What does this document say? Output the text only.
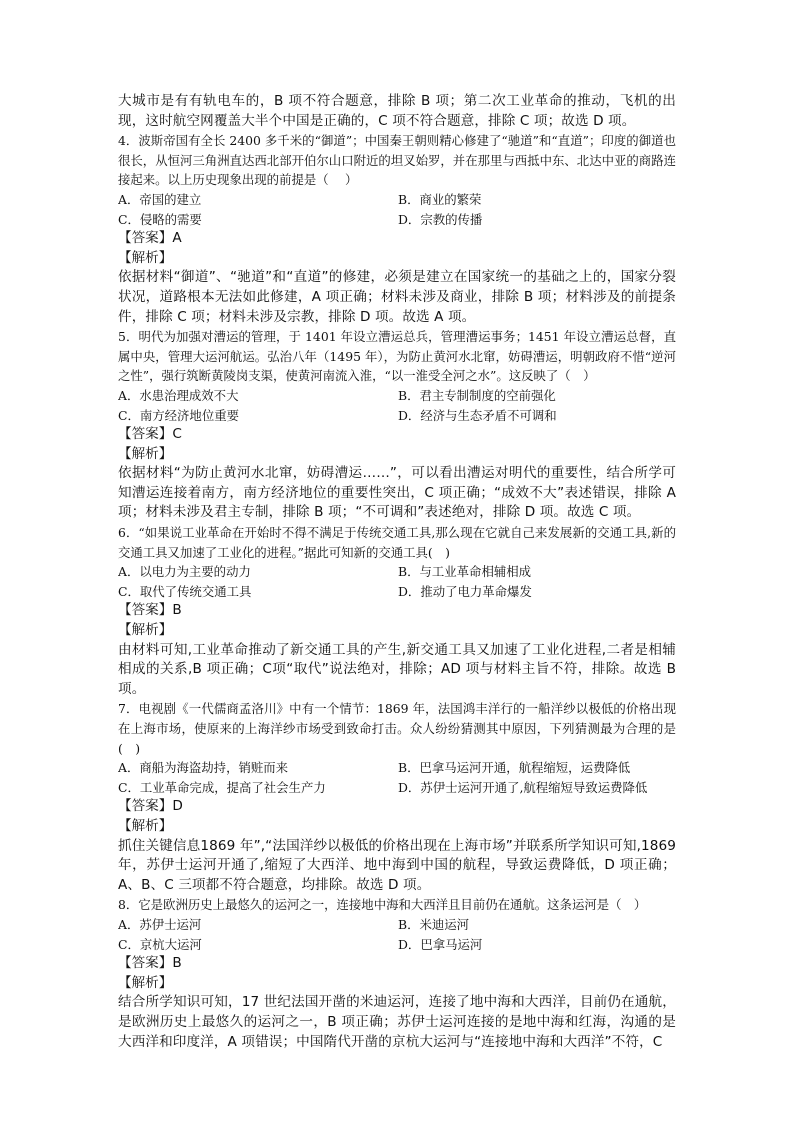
大城市是有有轨电车的，B 项不符合题意，排除 B 项；第二次工业革命的推动，飞机的出现，这时航空网覆盖大半个中国是正确的，C 项不符合题意，排除 C 项；故选 D 项。

4．波斯帝国有全长 2400 多千米的“御道”；中国秦王朝则精心修建了“驰道”和“直道”；印度的御道也很长，从恒河三角洲直达西北部开伯尔山口附近的坦叉始罗，并在那里与西抵中东、北达中亚的商路连接起来。以上历史现象出现的前提是（　 ）

A．帝国的建立	B．商业的繁荣
C．侵略的需要	D．宗教的传播

【答案】A

【解析】

依据材料“御道”、“驰道”和“直道”的修建，必须是建立在国家统一的基础之上的，国家分裂状况，道路根本无法如此修建，A 项正确；材料未涉及商业，排除 B 项；材料涉及的前提条件，排除 C 项；材料未涉及宗教，排除 D 项。故选 A 项。

5．明代为加强对漕运的管理，于 1401 年设立漕运总兵，管理漕运事务；1451 年设立漕运总督，直属中央，管理大运河航运。弘治八年（1495 年），为防止黄河水北窜，妨碍漕运，明朝政府不惜“逆河之性”，强行筑断黄陵岗支渠，使黄河南流入淮，“以一淮受全河之水”。这反映了（　）

A．水患治理成效不大	B．君主专制制度的空前强化
C．南方经济地位重要	D．经济与生态矛盾不可调和

【答案】C

【解析】

依据材料“为防止黄河水北窜，妨碍漕运……”，可以看出漕运对明代的重要性，结合所学可知漕运连接着南方，南方经济地位的重要性突出，C 项正确；“成效不大”表述错误，排除 A 项；材料未涉及君主专制，排除 B 项；“不可调和”表述绝对，排除 D 项。故选 C 项。

6．“如果说工业革命在开始时不得不满足于传统交通工具,那么现在它就自己来发展新的交通工具,新的交通工具又加速了工业化的进程。”据此可知新的交通工具(　)

A．以电力为主要的动力	B．与工业革命相辅相成
C．取代了传统交通工具	D．推动了电力革命爆发

【答案】B

【解析】

由材料可知,工业革命推动了新交通工具的产生,新交通工具又加速了工业化进程,二者是相辅相成的关系,B 项正确；C项“取代”说法绝对，排除；AD 项与材料主旨不符，排除。故选 B 项。

7．电视剧《一代儒商孟洛川》中有一个情节：1869 年，法国鸿丰洋行的一船洋纱以极低的价格出现在上海市场，使原来的上海洋纱市场受到致命打击。众人纷纷猜测其中原因，下列猜测最为合理的是(　)

A．商船为海盗劫持，销赃而来	B．巴拿马运河开通，航程缩短，运费降低
C．工业革命完成，提高了社会生产力	D．苏伊士运河开通了,航程缩短导致运费降低

【答案】D

【解析】

抓住关键信息1869 年”,“法国洋纱以极低的价格出现在上海市场”并联系所学知识可知,1869 年，苏伊士运河开通了,缩短了大西洋、地中海到中国的航程，导致运费降低，D 项正确；A、B、C 三项都不符合题意，均排除。故选 D 项。

8．它是欧洲历史上最悠久的运河之一，连接地中海和大西洋且目前仍在通航。这条运河是（　）

A．苏伊士运河	B．米迪运河
C．京杭大运河	D．巴拿马运河

【答案】B

【解析】

结合所学知识可知，17 世纪法国开凿的米迪运河，连接了地中海和大西洋，目前仍在通航，是欧洲历史上最悠久的运河之一，B 项正确；苏伊士运河连接的是地中海和红海，沟通的是大西洋和印度洋，A 项错误；中国隋代开凿的京杭大运河与“连接地中海和大西洋”不符，C
